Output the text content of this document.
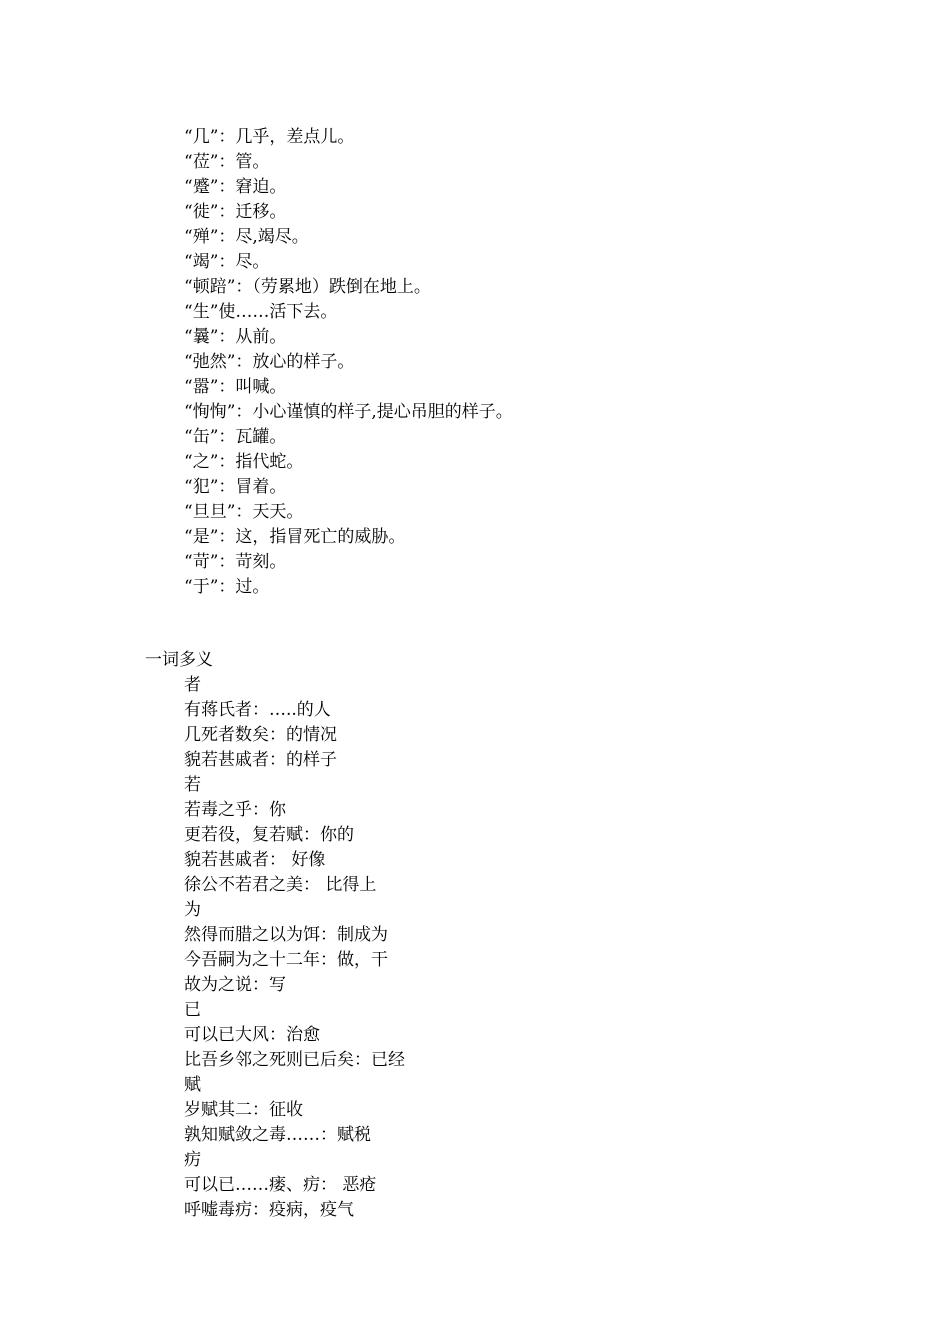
“几”：几乎，差点儿。
“莅”：管。
“蹙”：窘迫。
“徙”：迁移。
“殚”：尽,竭尽。
“竭”：尽。
“顿踣”：（劳累地）跌倒在地上。
“生”使……活下去。
“曩”：从前。
“弛然”：放心的样子。
“嚣”：叫喊。
“恂恂”：小心谨慎的样子,提心吊胆的样子。
“缶”：瓦罐。
“之”：指代蛇。
“犯”：冒着。
“旦旦”：天天。
“是”：这，指冒死亡的威胁。
“苛”：苛刻。
“于”：过。
一词多义
者
有蒋氏者：…..的人
几死者数矣：的情况
貌若甚戚者：的样子
若
若毒之乎：你
更若役，复若赋：你的
貌若甚戚者： 好像
徐公不若君之美： 比得上
为
然得而腊之以为饵：制成为
今吾嗣为之十二年：做，干
故为之说：写
已
可以已大风：治愈
比吾乡邻之死则已后矣：已经
赋
岁赋其二：征收
孰知赋敛之毒……：赋税
疠
可以已……瘘、疠： 恶疮
呼嘘毒疠：疫病，疫气
